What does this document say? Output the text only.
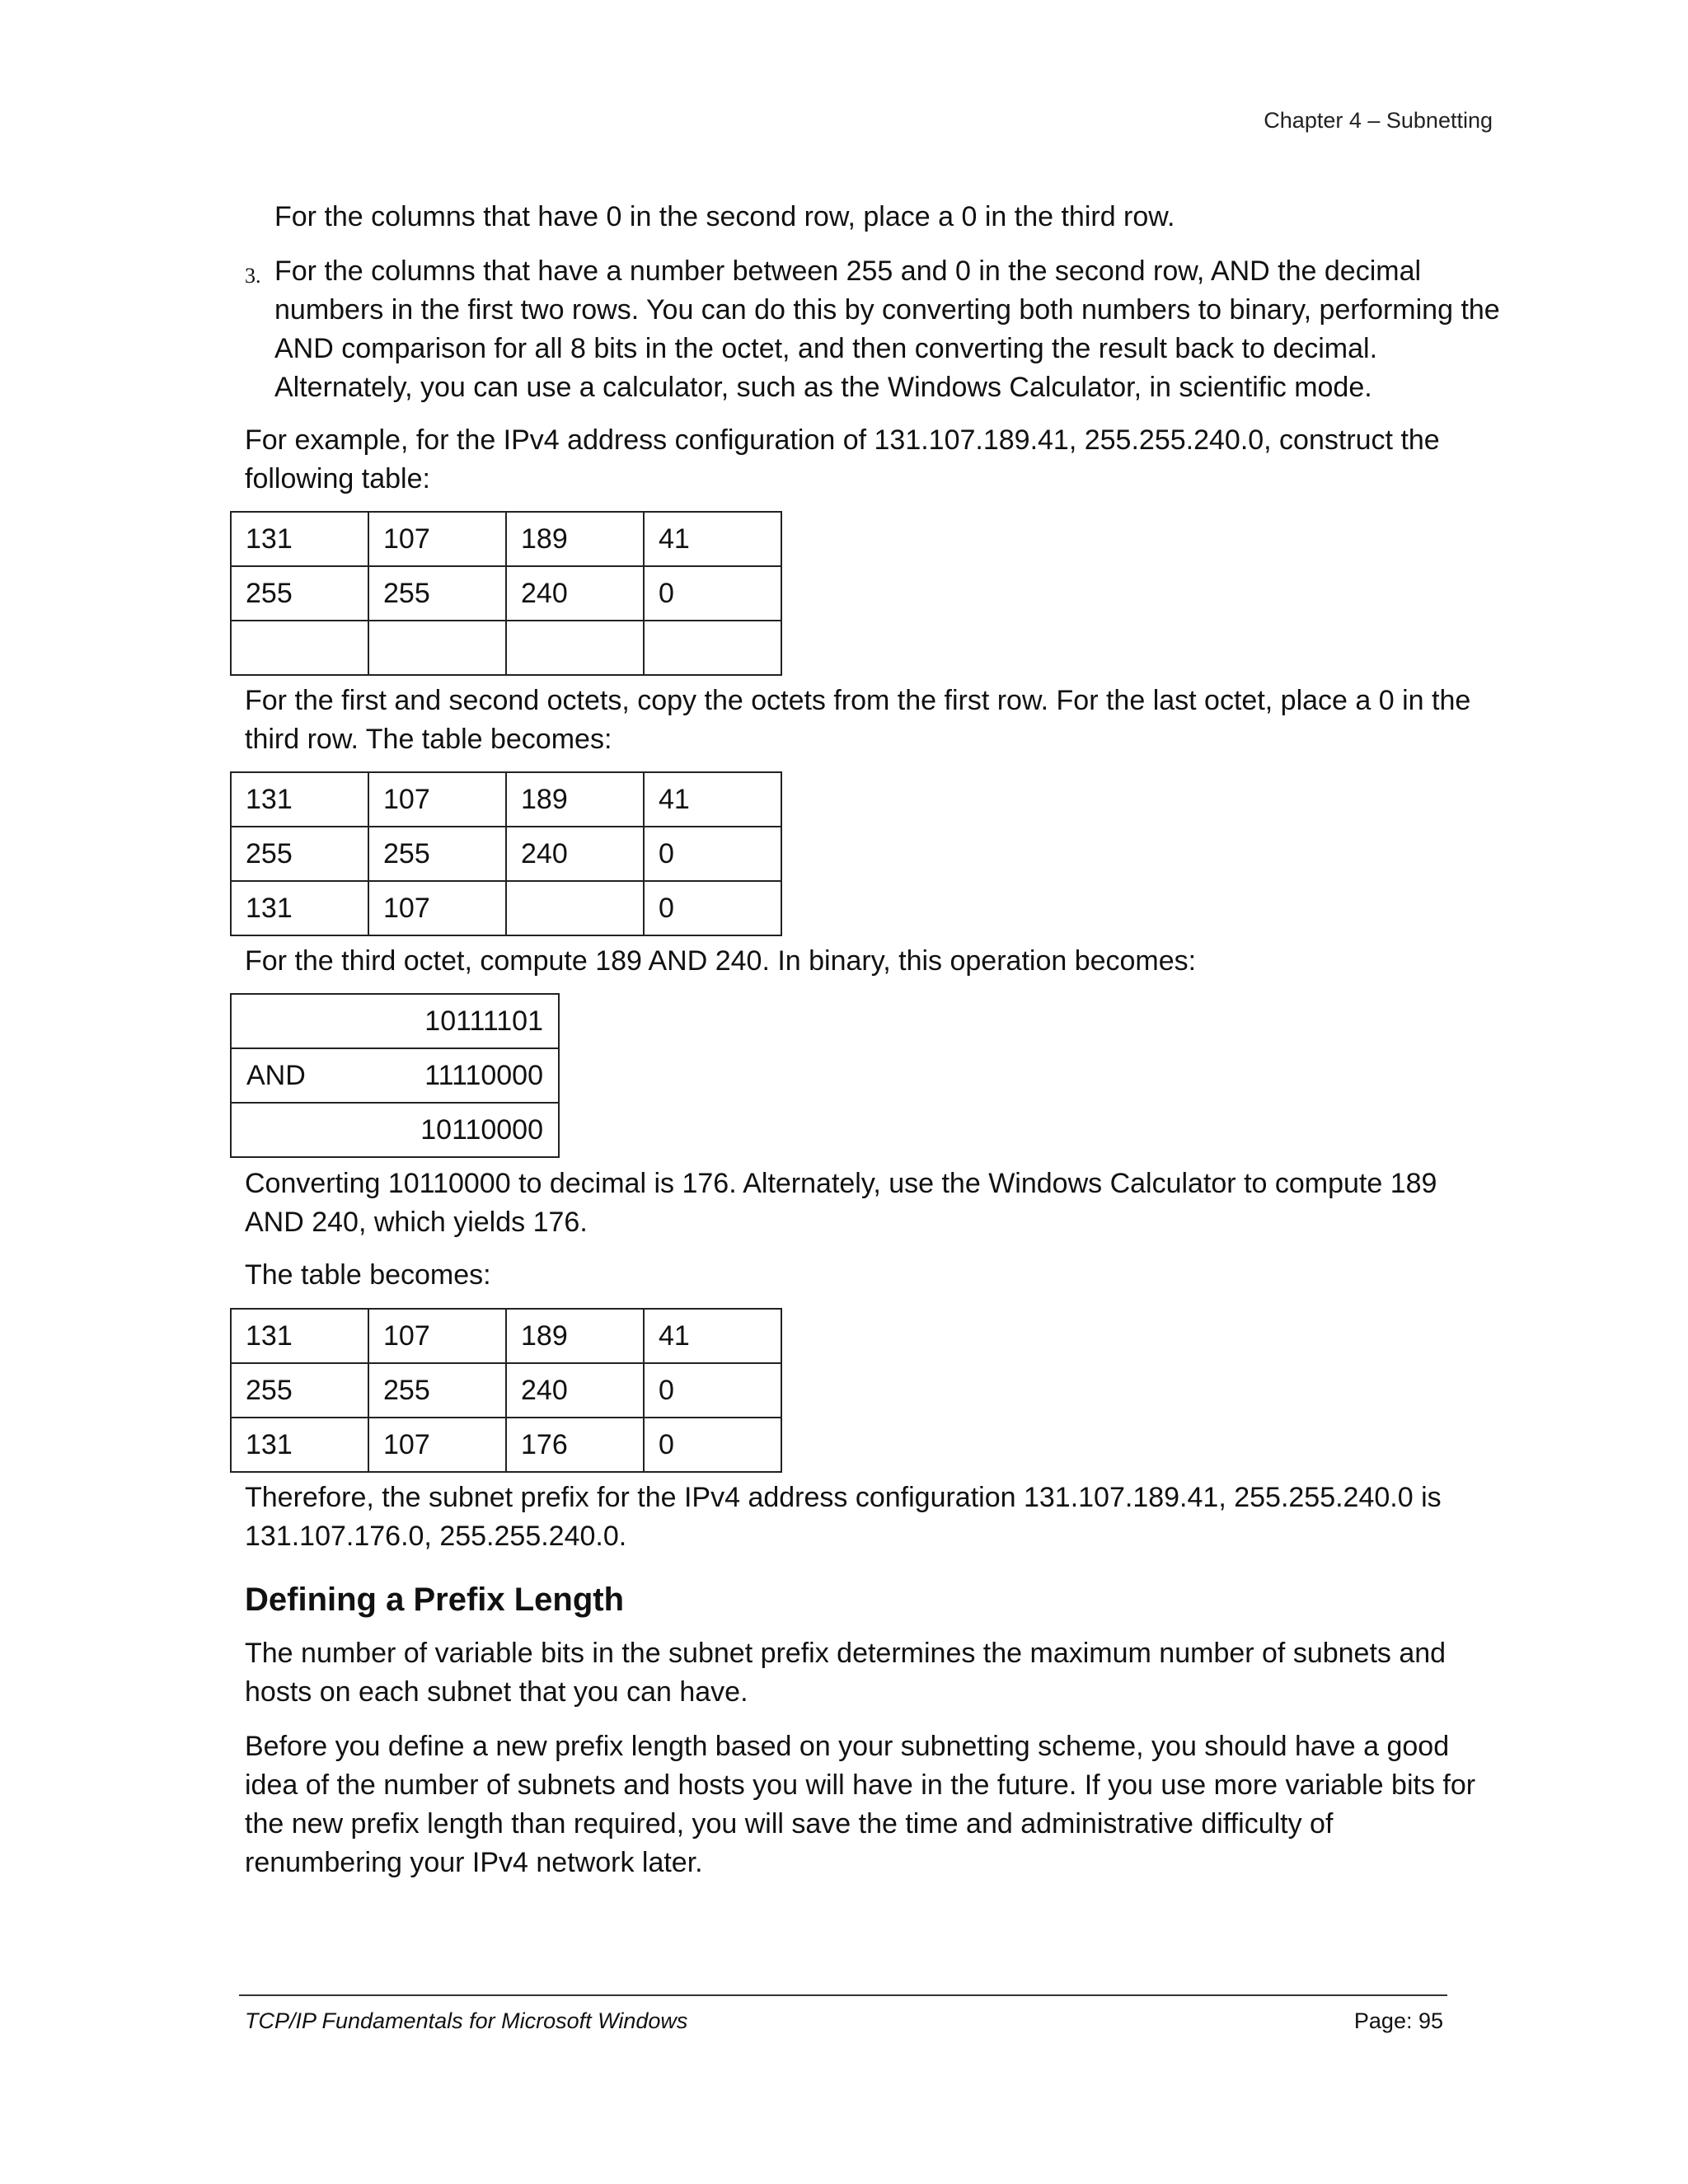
Chapter 4 – Subnetting

For the columns that have 0 in the second row, place a 0 in the third row.

3. For the columns that have a number between 255 and 0 in the second row, AND the decimal numbers in the first two rows. You can do this by converting both numbers to binary, performing the AND comparison for all 8 bits in the octet, and then converting the result back to decimal. Alternately, you can use a calculator, such as the Windows Calculator, in scientific mode.

For example, for the IPv4 address configuration of 131.107.189.41, 255.255.240.0, construct the following table:

131	107	189	41
255	255	240	0

For the first and second octets, copy the octets from the first row. For the last octet, place a 0 in the third row. The table becomes:

131	107	189	41
255	255	240	0
131	107		0

For the third octet, compute 189 AND 240. In binary, this operation becomes:

10111101

AND	11110000

10110000

Converting 10110000 to decimal is 176. Alternately, use the Windows Calculator to compute 189 AND 240, which yields 176.

The table becomes:

131	107	189	41
255	255	240	0
131	107	176	0

Therefore, the subnet prefix for the IPv4 address configuration 131.107.189.41, 255.255.240.0 is 131.107.176.0, 255.255.240.0.

Defining a Prefix Length

The number of variable bits in the subnet prefix determines the maximum number of subnets and hosts on each subnet that you can have.

Before you define a new prefix length based on your subnetting scheme, you should have a good idea of the number of subnets and hosts you will have in the future. If you use more variable bits for the new prefix length than required, you will save the time and administrative difficulty of renumbering your IPv4 network later.

TCP/IP Fundamentals for Microsoft Windows	Page: 95
